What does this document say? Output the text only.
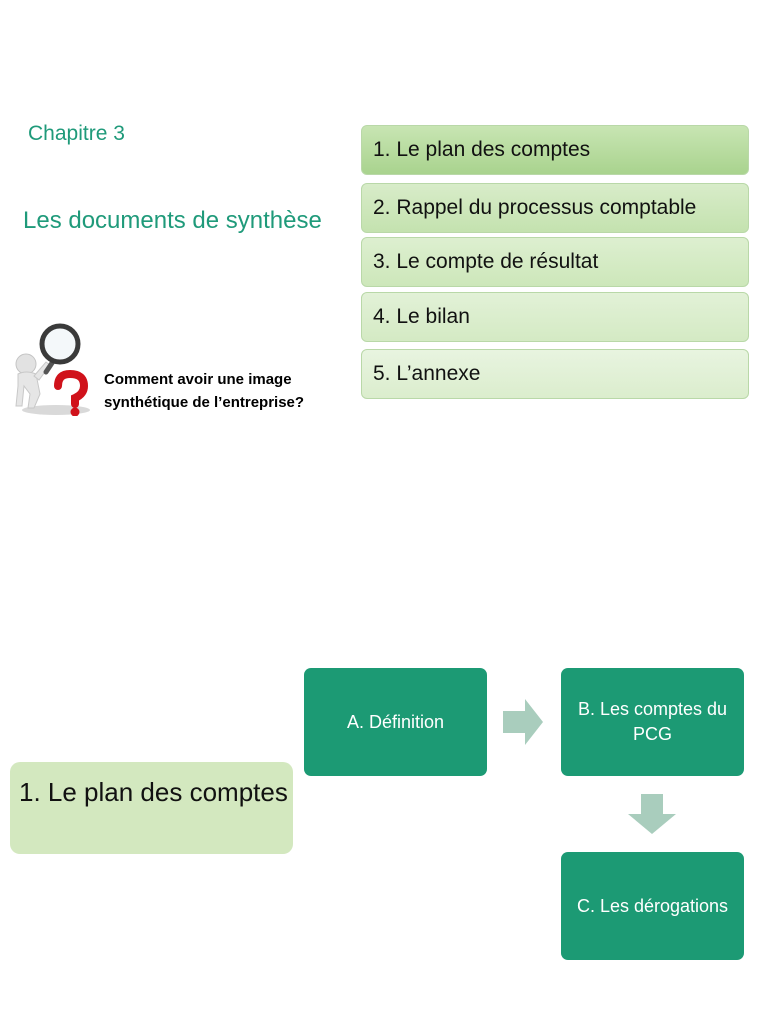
Chapitre 3
Les documents de synthèse
Comment avoir une image synthétique de l’entreprise?
1. Le plan des comptes
2. Rappel du processus comptable
3. Le compte de résultat
4. Le bilan
5. L’annexe
1. Le plan des comptes
A. Définition
B. Les comptes du PCG
C. Les dérogations
